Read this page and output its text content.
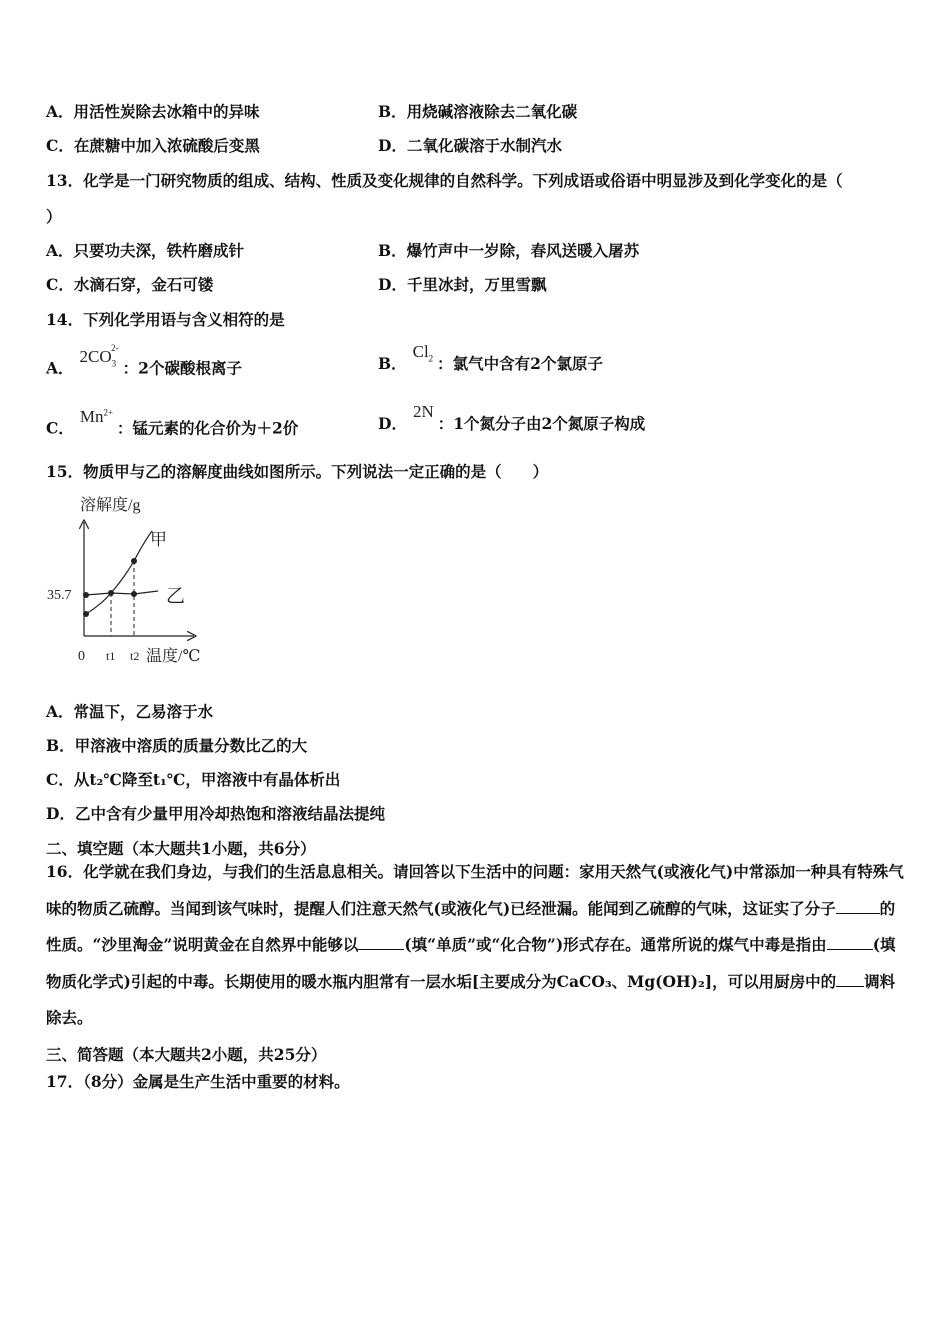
A．用活性炭除去冰箱中的异味	B．用烧碱溶液除去二氧化碳
C．在蔗糖中加入浓硫酸后变黑	D．二氧化碳溶于水制汽水
13．化学是一门研究物质的组成、结构、性质及变化规律的自然科学。下列成语或俗语中明显涉及到化学变化的是（
）
A．只要功夫深，铁杵磨成针	B．爆竹声中一岁除，春风送暖入屠苏
C．水滴石穿，金石可镂	D．千里冰封，万里雪飘
14．下列化学用语与含义相符的是
A．$2CO_3^{2-}$：2个碳酸根离子	B．$Cl_2$ ：氯气中含有2个氯原子
C．$Mn^{2+}$：锰元素的化合价为＋2价	D．2N：1个氮分子由2个氮原子构成
15．物质甲与乙的溶解度曲线如图所示。下列说法一定正确的是（　　）
溶解度/g
温度/℃
0
35.7
t1 t2
甲
乙
A．常温下，乙易溶于水
B．甲溶液中溶质的质量分数比乙的大
C．从t₂℃降至t₁℃，甲溶液中有晶体析出
D．乙中含有少量甲用冷却热饱和溶液结晶法提纯
二、填空题（本大题共1小题，共6分）
16．化学就在我们身边，与我们的生活息息相关。请回答以下生活中的问题：家用天然气(或液化气)中常添加一种具有特殊气味的物质乙硫醇。当闻到该气味时，提醒人们注意天然气(或液化气)已经泄漏。能闻到乙硫醇的气味，这证实了分子	的性质。“沙里淘金”说明黄金在自然界中能够以	(填“单质”或“化合物”)形式存在。通常所说的煤气中毒是指由	(填物质化学式)引起的中毒。长期使用的暖水瓶内胆常有一层水垢[主要成分为CaCO₃、Mg(OH)₂]，可以用厨房中的 调料除去。
三、简答题（本大题共2小题，共25分）
17．（8分）金属是生产生活中重要的材料。
